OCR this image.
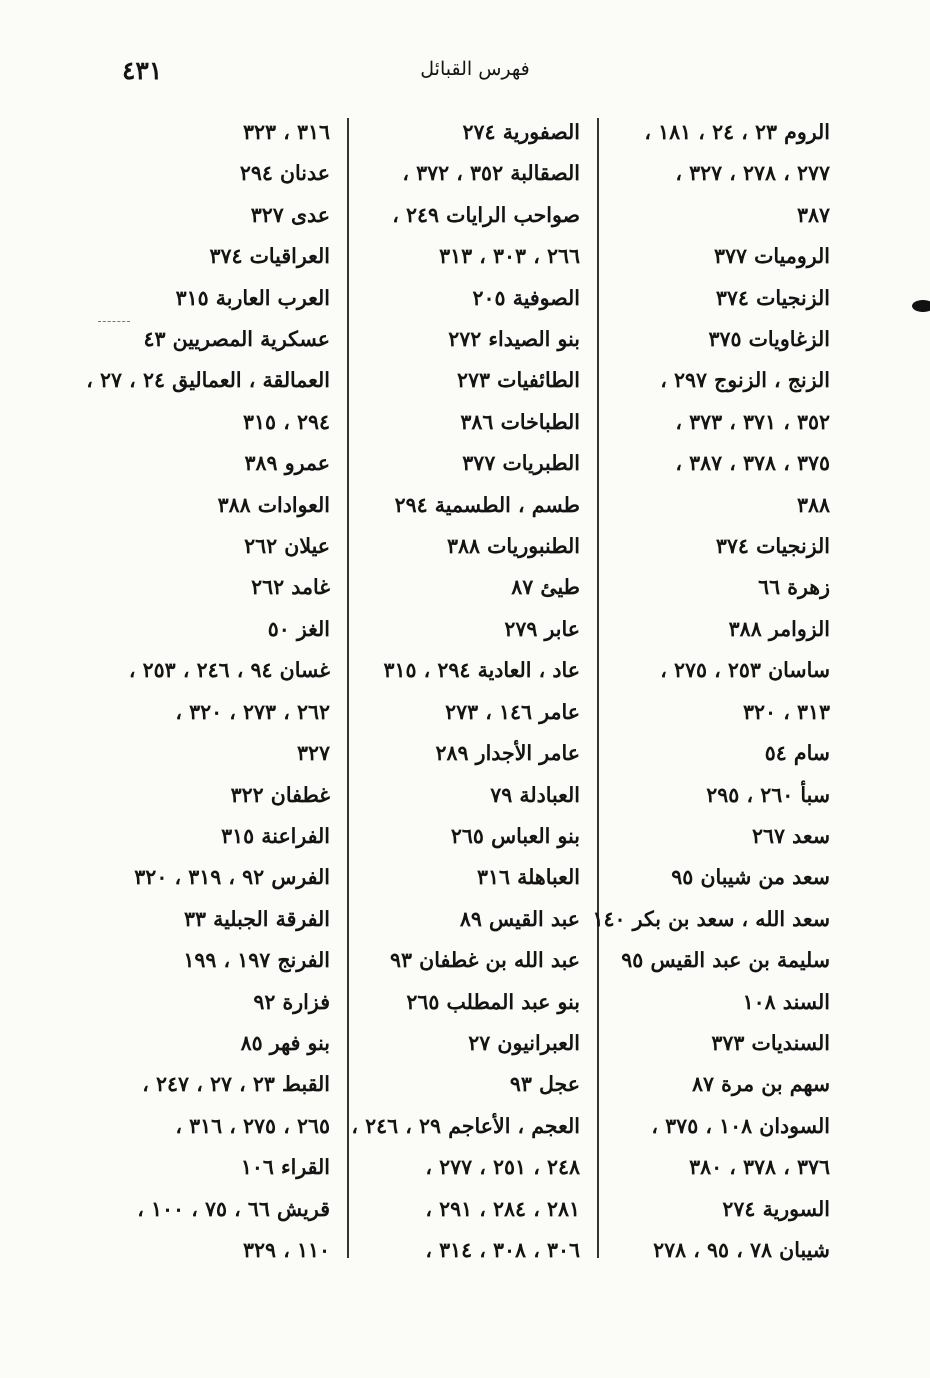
٤٣١	فهرس القبائل
الروم ٢٣ ، ٢٤ ، ١٨١ ،
٢٧٧ ، ٢٧٨ ، ٣٢٧ ،
٣٨٧
الروميات ٣٧٧
الزنجيات ٣٧٤
الزغاويات ٣٧٥
الزنج ، الزنوج ٢٩٧ ،
٣٥٢ ، ٣٧١ ، ٣٧٣ ،
٣٧٥ ، ٣٧٨ ، ٣٨٧ ،
٣٨٨
الزنجيات ٣٧٤
زهرة ٦٦
الزوامر ٣٨٨
ساسان ٢٥٣ ، ٢٧٥ ،
٣١٣ ، ٣٢٠
سام ٥٤
سبأ ٢٦٠ ، ٢٩٥
سعد ٢٦٧
سعد من شيبان ٩٥
سعد الله ، سعد بن بكر ١٤٠
سليمة بن عبد القيس ٩٥
السند ١٠٨
السنديات ٣٧٣
سهم بن مرة ٨٧
السودان ١٠٨ ، ٣٧٥ ،
٣٧٦ ، ٣٧٨ ، ٣٨٠
السورية ٢٧٤
شيبان ٧٨ ، ٩٥ ، ٢٧٨
الصفورية ٢٧٤
الصقالبة ٣٥٢ ، ٣٧٢ ،
صواحب الرايات ٢٤٩ ،
٢٦٦ ، ٣٠٣ ، ٣١٣
الصوفية ٢٠٥
بنو الصيداء ٢٧٢
الطائفيات ٢٧٣
الطباخات ٣٨٦
الطبريات ٣٧٧
طسم ، الطسمية ٢٩٤
الطنبوريات ٣٨٨
طيئ ٨٧
عابر ٢٧٩
عاد ، العادية ٢٩٤ ، ٣١٥
عامر ١٤٦ ، ٢٧٣
عامر الأجدار ٢٨٩
العبادلة ٧٩
بنو العباس ٢٦٥
العباهلة ٣١٦
عبد القيس ٨٩
عبد الله بن غطفان ٩٣
بنو عبد المطلب ٢٦٥
العبرانيون ٢٧
عجل ٩٣
العجم ، الأعاجم ٢٩ ، ٢٤٦ ،
٢٤٨ ، ٢٥١ ، ٢٧٧ ،
٢٨١ ، ٢٨٤ ، ٢٩١ ،
٣٠٦ ، ٣٠٨ ، ٣١٤ ،
٣١٦ ، ٣٢٣
عدنان ٢٩٤
عدى ٣٢٧
العراقيات ٣٧٤
العرب العاربة ٣١٥
عسكرية المصريين ٤٣
العمالقة ، العماليق ٢٤ ، ٢٧ ،
٢٩٤ ، ٣١٥
عمرو ٣٨٩
العوادات ٣٨٨
عيلان ٢٦٢
غامد ٢٦٢
الغز ٥٠
غسان ٩٤ ، ٢٤٦ ، ٢٥٣ ،
٢٦٢ ، ٢٧٣ ، ٣٢٠ ،
٣٢٧
غطفان ٣٢٢
الفراعنة ٣١٥
الفرس ٩٢ ، ٣١٩ ، ٣٢٠
الفرقة الجبلية ٣٣
الفرنج ١٩٧ ، ١٩٩
فزارة ٩٢
بنو فهر ٨٥
القبط ٢٣ ، ٢٧ ، ٢٤٧ ،
٢٦٥ ، ٢٧٥ ، ٣١٦ ،
القراء ١٠٦
قريش ٦٦ ، ٧٥ ، ١٠٠ ،
١١٠ ، ٣٢٩
